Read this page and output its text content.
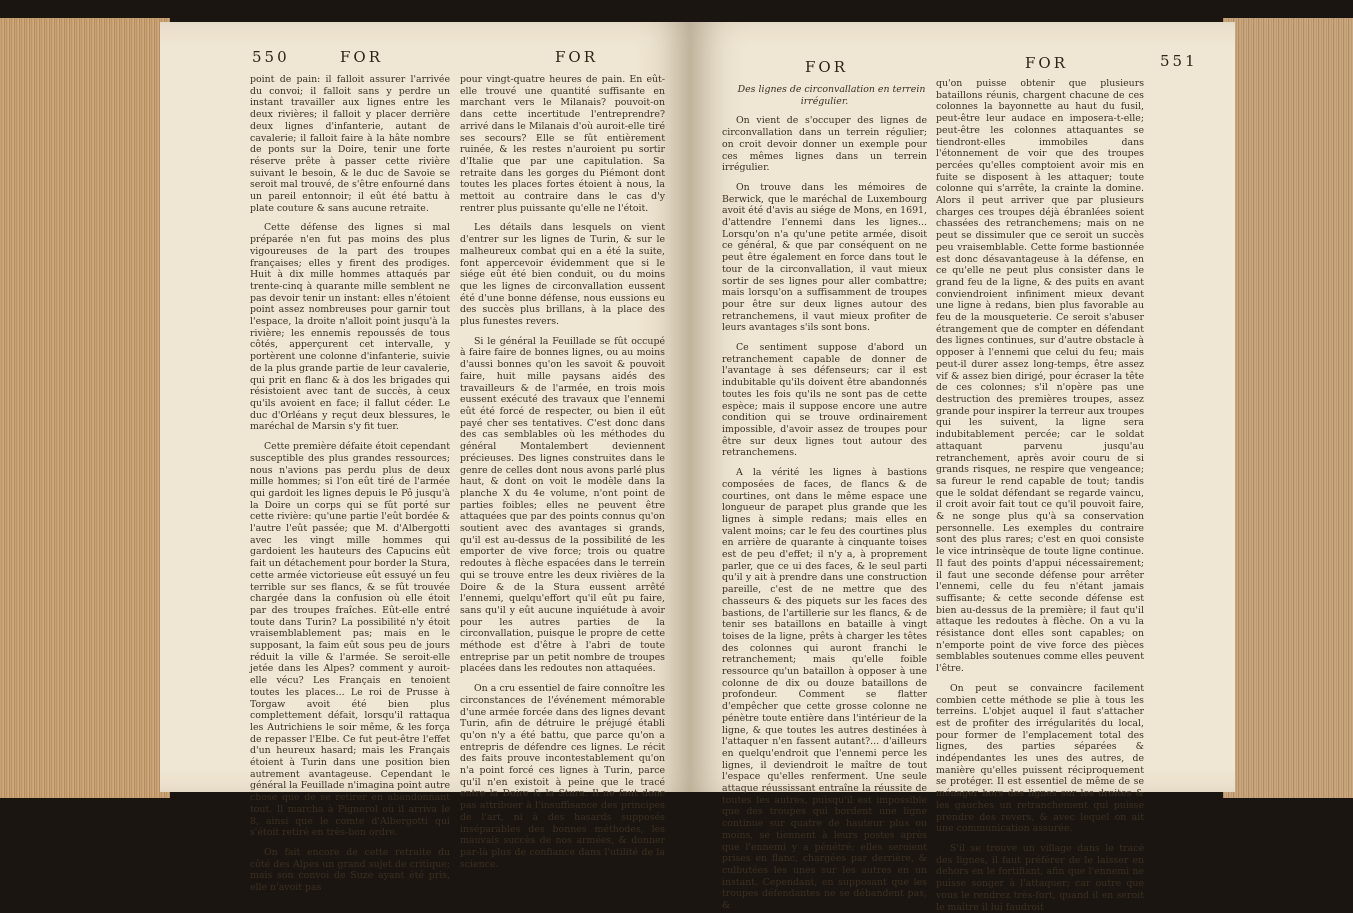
550	FOR	FOR

point de pain: il falloit assurer l'arrivée du convoi; il falloit sans y perdre un instant travailler aux lignes entre les deux rivières; il falloit y placer derrière deux lignes d'infanterie, autant de cavalerie; il falloit faire à la hâte nombre de ponts sur la Doire, tenir une forte réserve prête à passer cette rivière suivant le besoin, & le duc de Savoie se seroit mal trouvé, de s'être enfourné dans un pareil entonnoir; il eût été battu à plate couture & sans aucune retraite.

Cette défense des lignes si mal préparée n'en fut pas moins des plus vigoureuses de la part des troupes françaises; elles y firent des prodiges. Huit à dix mille hommes attaqués par trente-cinq à quarante mille semblent ne pas devoir tenir un instant: elles n'étoient point assez nombreuses pour garnir tout l'espace, la droite n'alloit point jusqu'à la rivière; les ennemis repoussés de tous côtés, apperçurent cet intervalle, y portèrent une colonne d'infanterie, suivie de la plus grande partie de leur cavalerie, qui prit en flanc & à dos les brigades qui résistoient avec tant de succès, à ceux qu'ils avoient en face; il fallut céder. Le duc d'Orléans y reçut deux blessures, le maréchal de Marsin s'y fit tuer.

Cette première défaite étoit cependant susceptible des plus grandes ressources; nous n'avions pas perdu plus de deux mille hommes; si l'on eût tiré de l'armée qui gardoit les lignes depuis le Pô jusqu'à la Doire un corps qui se fût porté sur cette rivière: qu'une partie l'eût bordée & l'autre l'eût passée; que M. d'Albergotti avec les vingt mille hommes qui gardoient les hauteurs des Capucins eût fait un détachement pour border la Stura, cette armée victorieuse eût essuyé un feu terrible sur ses flancs, & se fût trouvée chargée dans la confusion où elle étoit par des troupes fraîches. Eût-elle entré toute dans Turin? La possibilité n'y étoit vraisemblablement pas; mais en le supposant, la faim eût sous peu de jours réduit la ville & l'armée. Se seroit-elle jetée dans les Alpes? comment y auroit-elle vécu? Les Français en tenoient toutes les places... Le roi de Prusse à Torgaw avoit été bien plus complettement défait, lorsqu'il rattaqua les Autrichiens le soir même, & les força de repasser l'Elbe. Ce fut peut-être l'effet d'un heureux hasard; mais les Français étoient à Turin dans une position bien autrement avantageuse. Cependant le général la Feuillade n'imagina point autre chose que de se retirer en abandonnant tout. Il marcha à Pignerol où il arriva le 8, ainsi que le comte d'Albergotti qui s'étoit retiré en très-bon ordre.

On fait encore de cette retraite du côté des Alpes un grand sujet de critique; mais son convoi de Suze ayant été pris, elle n'avoit pas

pour vingt-quatre heures de pain. En eût-elle trouvé une quantité suffisante en marchant vers le Milanais? pouvoit-on dans cette incertitude l'entreprendre? arrivé dans le Milanais d'où auroit-elle tiré ses secours? Elle se fût entièrement ruinée, & les restes n'auroient pu sortir d'Italie que par une capitulation. Sa retraite dans les gorges du Piémont dont toutes les places fortes étoient à nous, la mettoit au contraire dans le cas d'y rentrer plus puissante qu'elle ne l'étoit.

Les détails dans lesquels on vient d'entrer sur les lignes de Turin, & sur le malheureux combat qui en a été la suite, font appercevoir évidemment que si le siége eût été bien conduit, ou du moins que les lignes de circonvallation eussent été d'une bonne défense, nous eussions eu des succès plus brillans, à la place des plus funestes revers.

Si le général la Feuillade se fût occupé à faire faire de bonnes lignes, ou au moins d'aussi bonnes qu'on les savoit & pouvoit faire, huit mille paysans aidés des travailleurs & de l'armée, en trois mois eussent exécuté des travaux que l'ennemi eût été forcé de respecter, ou bien il eût payé cher ses tentatives. C'est donc dans des cas semblables où les méthodes du général Montalembert deviennent précieuses. Des lignes construites dans le genre de celles dont nous avons parlé plus haut, & dont on voit le modèle dans la planche X du 4e volume, n'ont point de parties foibles; elles ne peuvent être attaquées que par des points connus qu'on soutient avec des avantages si grands, qu'il est au-dessus de la possibilité de les emporter de vive force; trois ou quatre redoutes à flèche espacées dans le terrein qui se trouve entre les deux rivières de la Doire & de la Stura eussent arrêté l'ennemi, quelqu'effort qu'il eût pu faire, sans qu'il y eût aucune inquiétude à avoir pour les autres parties de la circonvallation, puisque le propre de cette méthode est d'être à l'abri de toute entreprise par un petit nombre de troupes placées dans les redoutes non attaquées.

On a cru essentiel de faire connoître les circonstances de l'événement mémorable d'une armée forcée dans des lignes devant Turin, afin de détruire le préjugé établi qu'on n'y a été battu, que parce qu'on a entrepris de défendre ces lignes. Le récit des faits prouve incontestablement qu'on n'a point forcé ces lignes à Turin, parce qu'il n'en existoit à peine que le tracé entre la Doire & la Stura. Il ne faut donc pas attribuer à l'insuffisance des principes de l'art, ni à des hasards supposés inséparables des bonnes méthodes, les mauvais succès de nos armées, & donner par-là plus de confiance dans l'utilité de la science.

FOR	FOR	551

Des lignes de circonvallation en terrein irrégulier.

On vient de s'occuper des lignes de circonvallation dans un terrein régulier; on croit devoir donner un exemple pour ces mêmes lignes dans un terrein irrégulier.

On trouve dans les mémoires de Berwick, que le maréchal de Luxembourg avoit été d'avis au siége de Mons, en 1691, d'attendre l'ennemi dans les lignes... Lorsqu'on n'a qu'une petite armée, disoit ce général, & que par conséquent on ne peut être également en force dans tout le tour de la circonvallation, il vaut mieux sortir de ses lignes pour aller combattre; mais lorsqu'on a suffisamment de troupes pour être sur deux lignes autour des retranchemens, il vaut mieux profiter de leurs avantages s'ils sont bons.

Ce sentiment suppose d'abord un retranchement capable de donner de l'avantage à ses défenseurs; car il est indubitable qu'ils doivent être abandonnés toutes les fois qu'ils ne sont pas de cette espèce; mais il suppose encore une autre condition qui se trouve ordinairement impossible, d'avoir assez de troupes pour être sur deux lignes tout autour des retranchemens.

A la vérité les lignes à bastions composées de faces, de flancs & de courtines, ont dans le même espace une longueur de parapet plus grande que les lignes à simple redans; mais elles en valent moins; car le feu des courtines plus en arrière de quarante à cinquante toises est de peu d'effet; il n'y a, à proprement parler, que ce ui des faces, & le seul parti qu'il y ait à prendre dans une construction pareille, c'est de ne mettre que des chasseurs & des piquets sur les faces des bastions, de l'artillerie sur les flancs, & de tenir ses bataillons en bataille à vingt toises de la ligne, prêts à charger les têtes des colonnes qui auront franchi le retranchement; mais qu'elle foible ressource qu'un bataillon à opposer à une colonne de dix ou douze bataillons de profondeur. Comment se flatter d'empêcher que cette grosse colonne ne pénètre toute entière dans l'intérieur de la ligne, & que toutes les autres destinées à l'attaquer n'en fassent autant?... d'ailleurs en quelqu'endroit que l'ennemi perce les lignes, il deviendroit le maître de tout l'espace qu'elles renferment. Une seule attaque réussissant entraîne la réussite de toutes les autres, puisqu'il est impossible que des troupes qui bordent une ligne continue sur quatre de hauteur plus ou moins, se tiennent à leurs postes après que l'ennemi y a pénétré; elles seroient prises en flanc, chargées par derrière, & culbutées les unes sur les autres en un instant. Cependant, en supposant que les troupes défendantes ne se débandent pas, &

qu'on puisse obtenir que plusieurs bataillons réunis, chargent chacune de ces colonnes la bayonnette au haut du fusil, peut-être leur audace en imposera-t-elle; peut-être les colonnes attaquantes se tiendront-elles immobiles dans l'étonnement de voir que des troupes percées qu'elles comptoient avoir mis en fuite se disposent à les attaquer; toute colonne qui s'arrête, la crainte la domine. Alors il peut arriver que par plusieurs charges ces troupes déjà ébranlées soient chassées des retranchemens; mais on ne peut se dissimuler que ce seroit un succès peu vraisemblable. Cette forme bastionnée est donc désavantageuse à la défense, en ce qu'elle ne peut plus consister dans le grand feu de la ligne, & des puits en avant conviendroient infiniment mieux devant une ligne à redans, bien plus favorable au feu de la mousqueterie. Ce seroit s'abuser étrangement que de compter en défendant des lignes continues, sur d'autre obstacle à opposer à l'ennemi que celui du feu; mais peut-il durer assez long-temps, être assez vif & assez bien dirigé, pour écraser la tête de ces colonnes; s'il n'opère pas une destruction des premières troupes, assez grande pour inspirer la terreur aux troupes qui les suivent, la ligne sera indubitablement percée; car le soldat attaquant parvenu jusqu'au retranchement, après avoir couru de si grands risques, ne respire que vengeance; sa fureur le rend capable de tout; tandis que le soldat défendant se regarde vaincu, il croit avoir fait tout ce qu'il pouvoit faire, & ne songe plus qu'à sa conservation personnelle. Les exemples du contraire sont des plus rares; c'est en quoi consiste le vice intrinsèque de toute ligne continue. Il faut des points d'appui nécessairement; il faut une seconde défense pour arrêter l'ennemi, celle du feu n'étant jamais suffisante; & cette seconde défense est bien au-dessus de la première; il faut qu'il attaque les redoutes à flèche. On a vu la résistance dont elles sont capables; on n'emporte point de vive force des pièces semblables soutenues comme elles peuvent l'être.

On peut se convaincre facilement combien cette méthode se plie à tous les terreins. L'objet auquel il faut s'attacher est de profiter des irrégularités du local, pour former de l'emplacement total des lignes, des parties séparées & indépendantes les unes des autres, de manière qu'elles puissent réciproquement se protéger. Il est essentiel de même de se ménager hors des lignes sur les droites & les gauches un retranchement qui puisse prendre des revers, & avec lequel on ait une communication assurée.

S'il se trouve un village dans le tracé des lignes, il faut préférer de le laisser en dehors en le fortifiant, afin que l'ennemi ne puisse songer à l'attaquer; car outre que vous le rendrez très-fort, quand il en seroit le maître il lui faudroit
